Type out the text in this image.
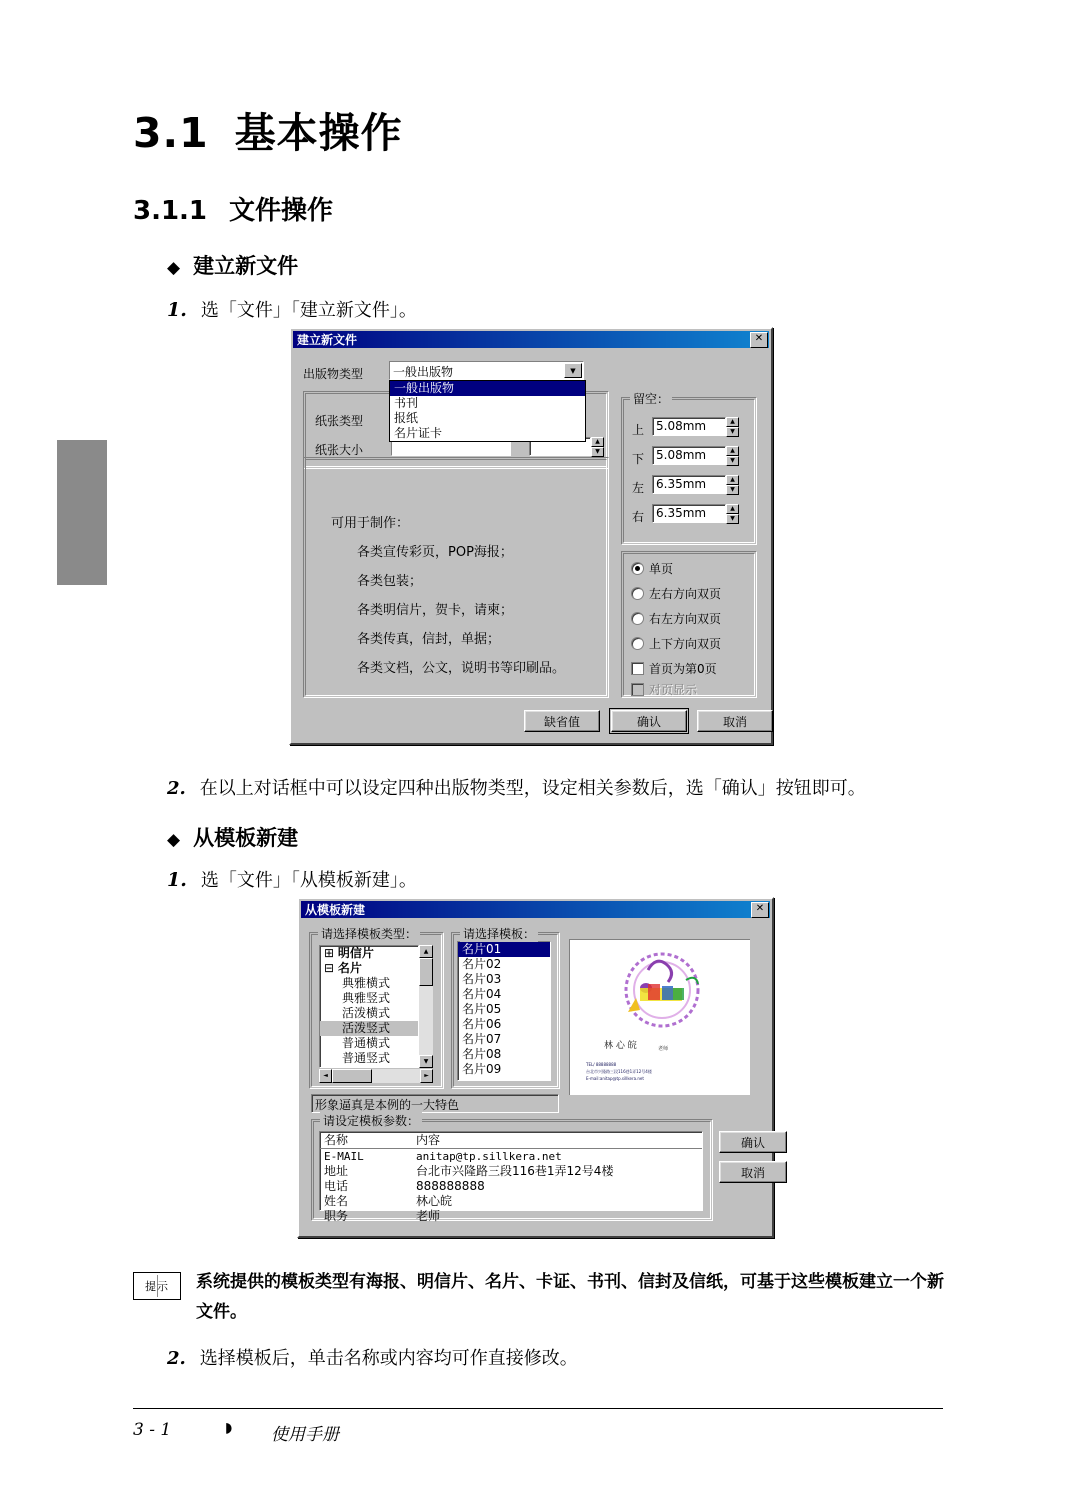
3.1 基本操作
3.1.1 文件操作
◆ 建立新文件
1. 选「文件」「建立新文件」。
建立新文件	✕
出版物类型	一般出版物	▼
一般出版物
书刊
报纸
名片证卡
纸张类型
纸张大小
▲
▼
可用于制作：
各类宣传彩页，POP海报；
各类包装；
各类明信片，贺卡，请柬；
各类传真，信封，单据；
各类文档，公文，说明书等印刷品。
留空：
上 5.08mm	▲
▼
下 5.08mm	▲
▼
左 6.35mm	▲
▼
右 6.35mm	▲
▼
单页
左右方向双页
右左方向双页
上下方向双页
首页为第0页
对页显示
缺省值	确认	取消
2. 在以上对话框中可以设定四种出版物类型，设定相关参数后，选「确认」按钮即可。
◆ 从模板新建
1. 选「文件」「从模板新建」。
从模板新建	✕
请选择模板类型：
⊞ 明信片
⊟ 名片
典雅横式
典雅竖式
活泼横式
活泼竖式
普通横式
普通竖式
▲
▼
◄	►
请选择模板：
名片01
名片02
名片03
名片04
名片05
名片06
名片07
名片08
名片09
林 心 皖	老师
TEL/ 88888888
台北市兴隆路三段116巷1弄12号4楼
E-mail:anitap@tp.sillkera.net
形象逼真是本例的一大特色
请设定模板参数：
名称	内容
E-MAIL	anitap@tp.sillkera.net
地址	台北市兴隆路三段116巷1弄12号4楼
电话	888888888
姓名	林心皖
职务	老师
确认
取消
提示	系统提供的模板类型有海报、明信片、名片、卡证、书刊、信封及信纸，可基于这些模板建立一个新文件。
2. 选择模板后，单击名称或内容均可作直接修改。
3 - 1	◗ 使用手册
